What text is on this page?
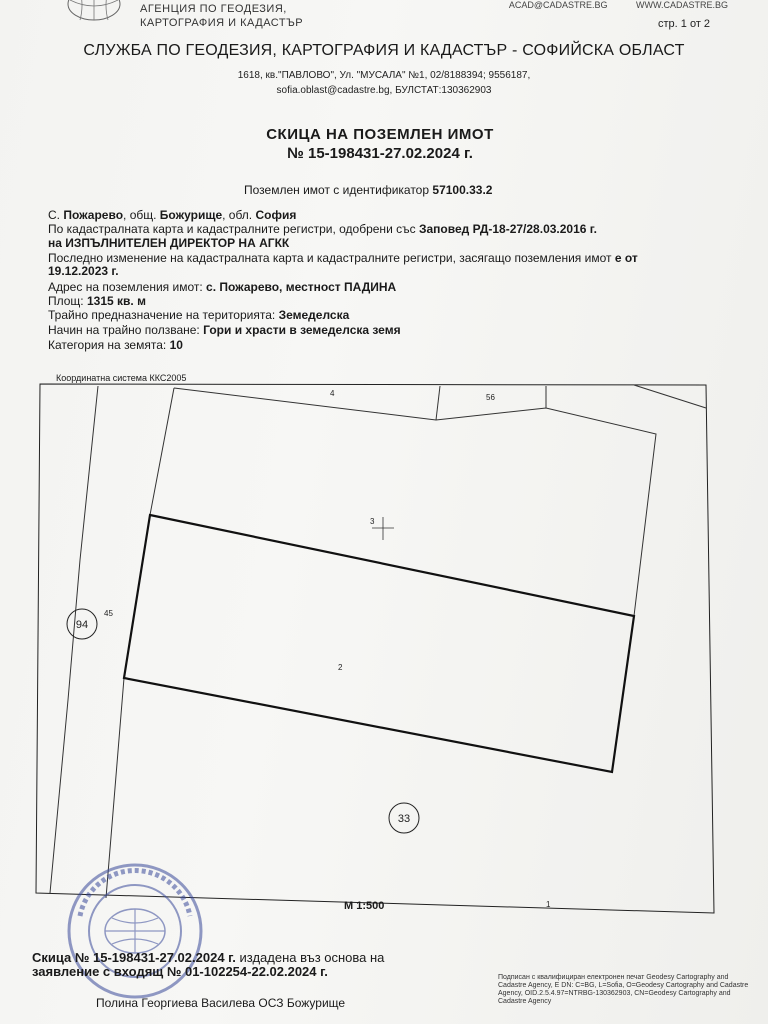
АГЕНЦИЯ ПО ГЕОДЕЗИЯ,
КАРТОГРАФИЯ И КАДАСТЪР
ACAD@CADASTRE.BG	WWW.CADASTRE.BG
стр. 1 от 2
СЛУЖБА ПО ГЕОДЕЗИЯ, КАРТОГРАФИЯ И КАДАСТЪР - СОФИЙСКА ОБЛАСТ
1618, кв."ПАВЛОВО", Ул. "МУСАЛА" №1, 02/8188394; 9556187,
sofia.oblast@cadastre.bg, БУЛСТАТ:130362903
СКИЦА НА ПОЗЕМЛЕН ИМОТ
№ 15-198431-27.02.2024 г.
Поземлен имот с идентификатор 57100.33.2
С. Пожарево, общ. Божурище, обл. София
По кадастралната карта и кадастралните регистри, одобрени със Заповед РД-18-27/28.03.2016 г.
на ИЗПЪЛНИТЕЛЕН ДИРЕКТОР НА АГКК
Последно изменение на кадастралната карта и кадастралните регистри, засягащо поземления имот е от
19.12.2023 г.
Адрес на поземления имот: с. Пожарево, местност ПАДИНА
Площ: 1315 кв. м
Трайно предназначение на територията: Земеделска
Начин на трайно ползване: Гори и храсти в земеделска земя
Категория на земята: 10
Координатна система ККС2005
4	56
3
2
45
1
94
33
М 1:500
Скица № 15-198431-27.02.2024 г. издадена въз основа на
заявление с входящ № 01-102254-22.02.2024 г.
Полина Георгиева Василева ОСЗ Божурище
Подписан с квалифициран електронен печат Geodesy Cartography and Cadastre Agency, E DN: C=BG, L=Sofia, O=Geodesy Cartography and Cadastre Agency, OID.2.5.4.97=NTRBG-130362903, CN=Geodesy Cartography and Cadastre Agency
